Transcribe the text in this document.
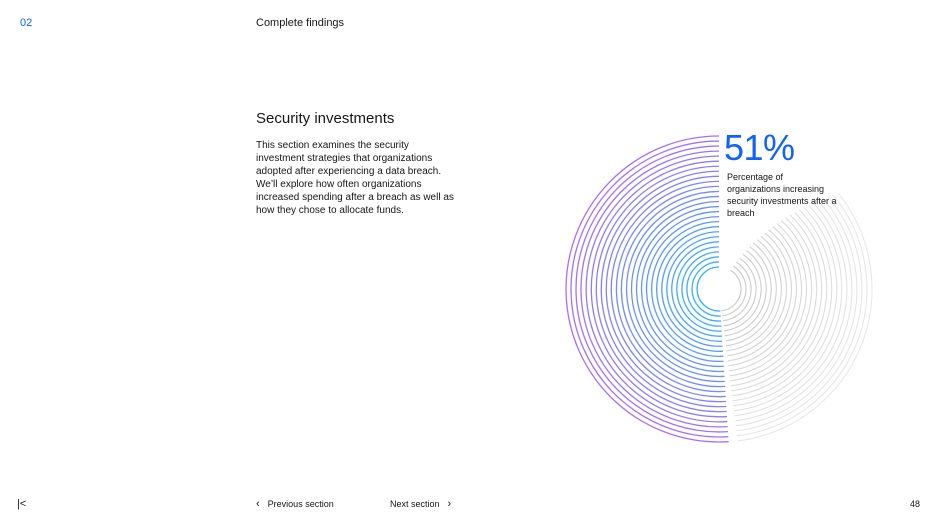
02	Complete findings
Security investments

This section examines the security investment strategies that organizations adopted after experiencing a data breach. We’ll explore how often organizations increased spending after a breach as well as how they chose to allocate funds.

51%
Percentage of organizations increasing security investments after a breach
|<	‹ Previous section	Next section ›	48
